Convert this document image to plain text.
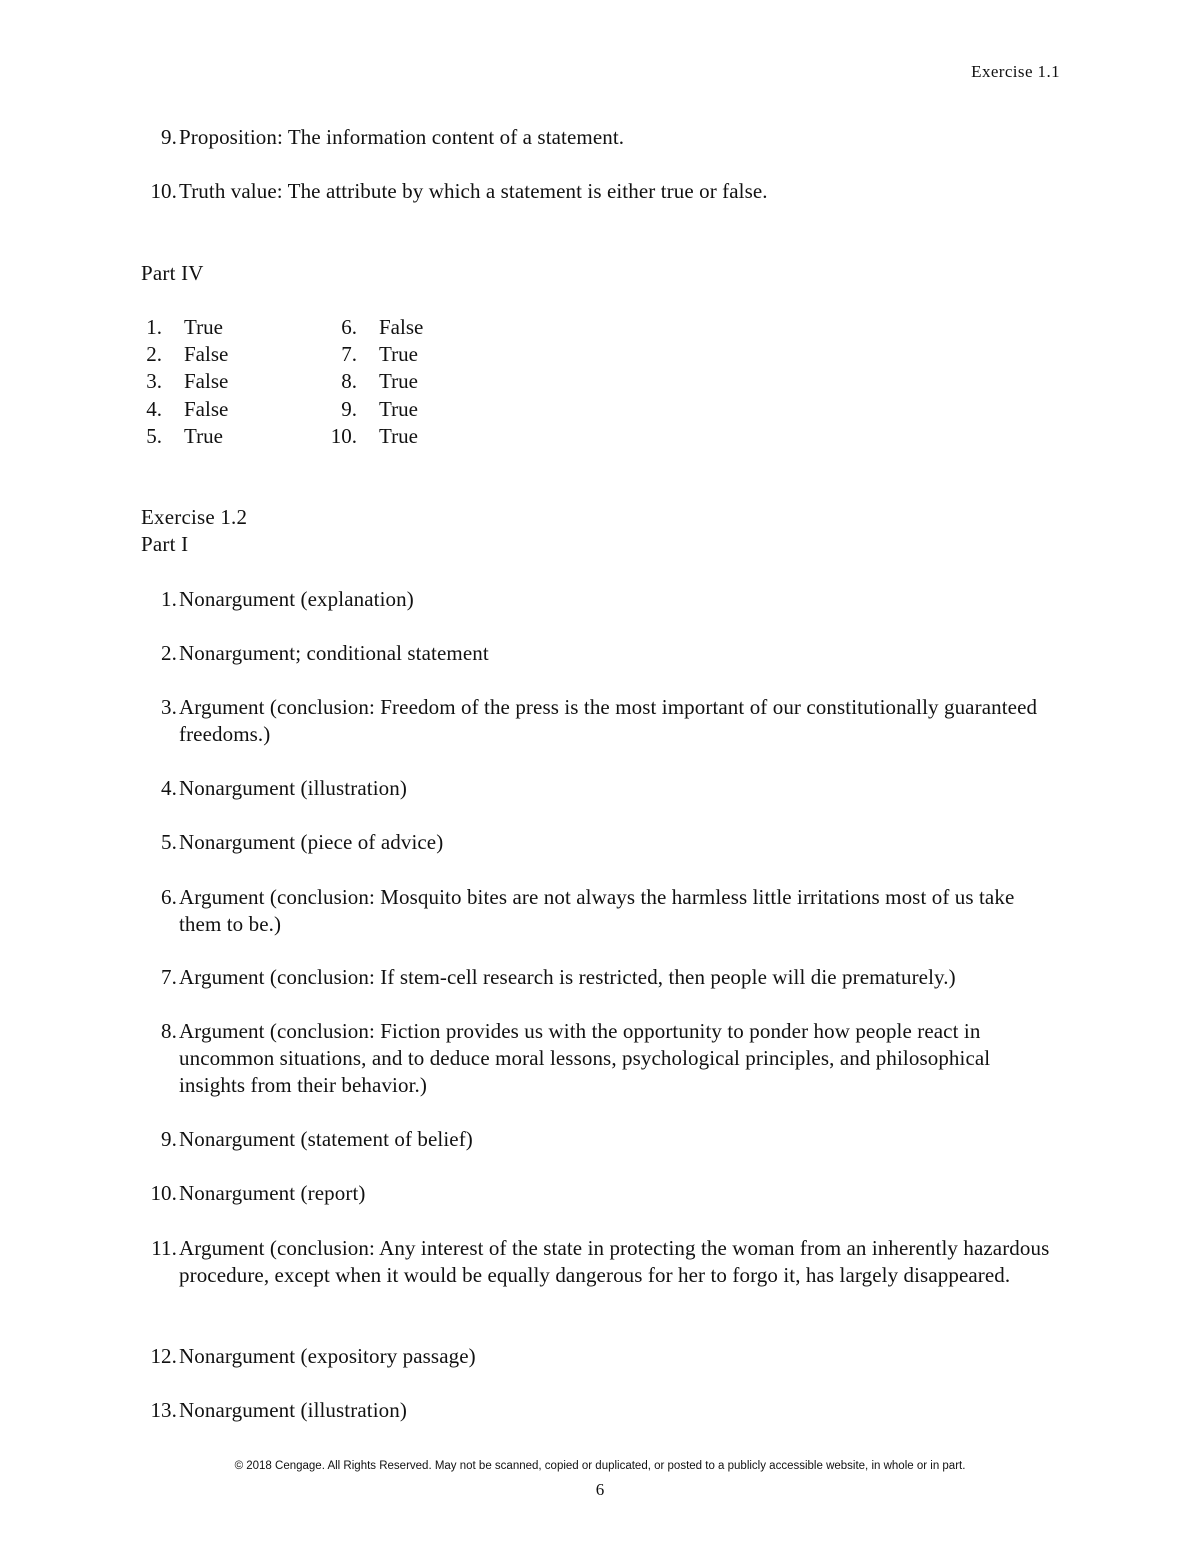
Exercise 1.1
9. Proposition: The information content of a statement.
10. Truth value: The attribute by which a statement is either true or false.
Part IV
1. True	6. False
2. False	7. True
3. False	8. True
4. False	9. True
5. True	10. True
Exercise 1.2
Part I
1. Nonargument (explanation)
2. Nonargument; conditional statement
3. Argument (conclusion: Freedom of the press is the most important of our constitutionally guaranteed freedoms.)
4. Nonargument (illustration)
5. Nonargument (piece of advice)
6. Argument (conclusion: Mosquito bites are not always the harmless little irritations most of us take them to be.)
7. Argument (conclusion: If stem-cell research is restricted, then people will die prematurely.)
8. Argument (conclusion: Fiction provides us with the opportunity to ponder how people react in uncommon situations, and to deduce moral lessons, psychological principles, and philosophical insights from their behavior.)
9. Nonargument (statement of belief)
10. Nonargument (report)
11. Argument (conclusion: Any interest of the state in protecting the woman from an inherently hazardous procedure, except when it would be equally dangerous for her to forgo it, has largely disappeared.
12. Nonargument (expository passage)
13. Nonargument (illustration)
© 2018 Cengage. All Rights Reserved. May not be scanned, copied or duplicated, or posted to a publicly accessible website, in whole or in part.
6
